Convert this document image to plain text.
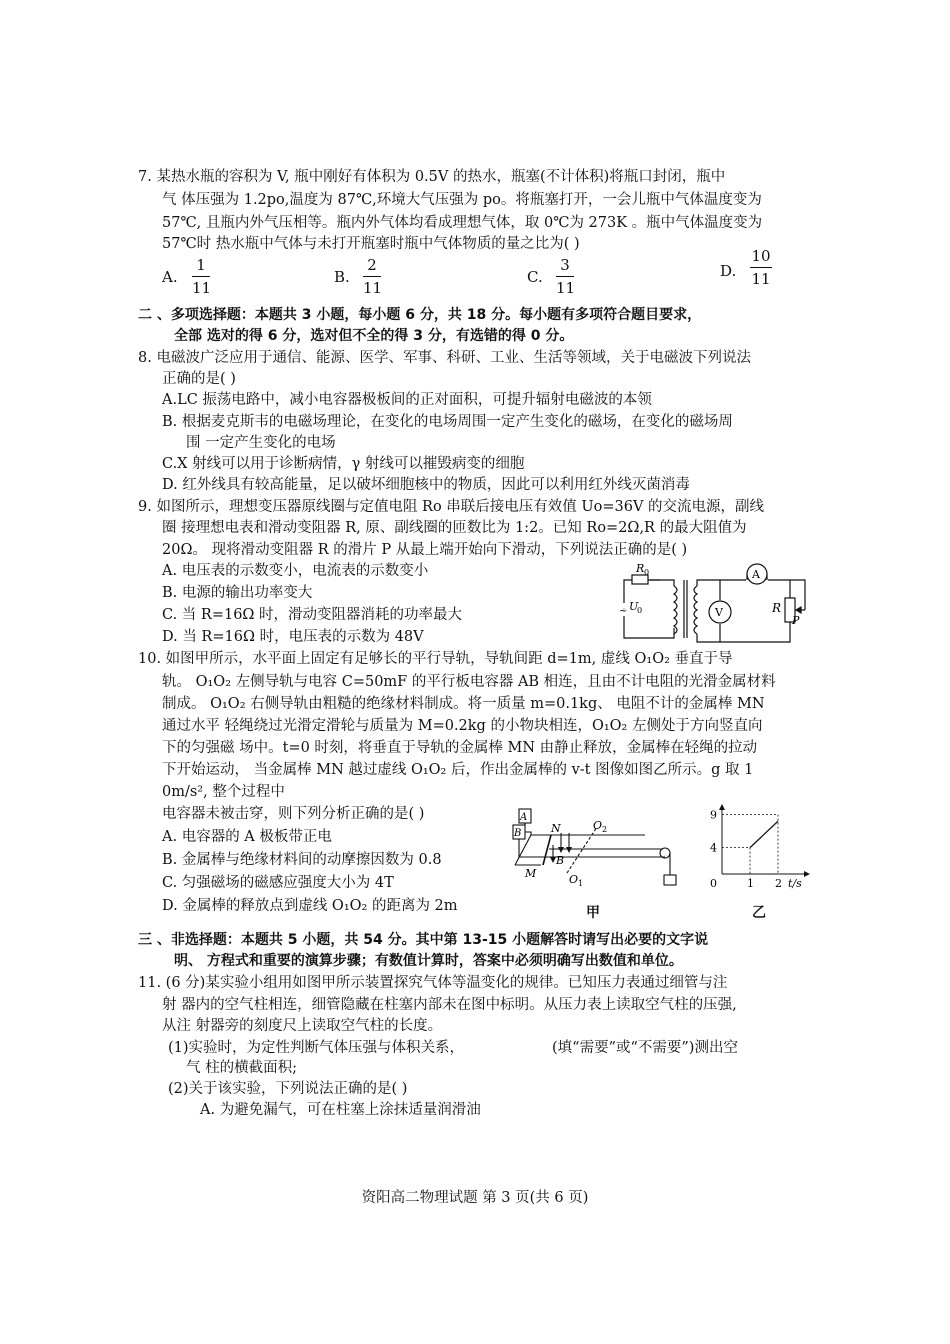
7. 某热水瓶的容积为 V, 瓶中刚好有体积为 0.5V 的热水，瓶塞(不计体积)将瓶口封闭，瓶中
气 体压强为 1.2po,温度为 87℃,环境大气压强为 po。将瓶塞打开，一会儿瓶中气体温度变为
57℃, 且瓶内外气压相等。瓶内外气体均看成理想气体，取 0℃为 273K 。瓶中气体温度变为
57℃时 热水瓶中气体与未打开瓶塞时瓶中气体物质的量之比为( )
A.
1
11
B.
2
11
C.
3
11
D.
10
11
二 、多项选择题：本题共 3 小题，每小题 6 分，共 18 分。每小题有多项符合题目要求，
全部 选对的得 6 分，选对但不全的得 3 分，有选错的得 0 分。
8. 电磁波广泛应用于通信、能源、医学、军事、科研、工业、生活等领域，关于电磁波下列说法
正确的是( )
A.LC 振荡电路中，减小电容器极板间的正对面积，可提升辐射电磁波的本领
B. 根据麦克斯韦的电磁场理论，在变化的电场周围一定产生变化的磁场，在变化的磁场周
围 一定产生变化的电场
C.X 射线可以用于诊断病情，γ 射线可以摧毁病变的细胞
D. 红外线具有较高能量，足以破坏细胞核中的物质，因此可以利用红外线灭菌消毒
9. 如图所示，理想变压器原线圈与定值电阻 Ro 串联后接电压有效值 Uo=36V 的交流电源，副线
圈 接理想电表和滑动变阻器 R, 原、副线圈的匝数比为 1:2。已知 Ro=2Ω,R 的最大阻值为
20Ω。 现将滑动变阻器 R 的滑片 P 从最上端开始向下滑动，下列说法正确的是( )
A. 电压表的示数变小，电流表的示数变小
B. 电源的输出功率变大
C. 当 R=16Ω 时，滑动变阻器消耗的功率最大
D. 当 R=16Ω 时，电压表的示数为 48V
R 0
U
0
~
A
V	R
P
10. 如图甲所示，水平面上固定有足够长的平行导轨，导轨间距 d=1m, 虚线 O₁O₂ 垂直于导
轨。 O₁O₂ 左侧导轨与电容 C=50mF 的平行板电容器 AB 相连，且由不计电阻的光滑金属材料
制成。 O₁O₂ 右侧导轨由粗糙的绝缘材料制成。将一质量 m=0.1kg、 电阻不计的金属棒 MN
通过水平 轻绳绕过光滑定滑轮与质量为 M=0.2kg 的小物块相连，O₁O₂ 左侧处于方向竖直向
下的匀强磁 场中。t=0 时刻，将垂直于导轨的金属棒 MN 由静止释放，金属棒在轻绳的拉动
下开始运动， 当金属棒 MN 越过虚线 O₁O₂ 后，作出金属棒的 v-t 图像如图乙所示。g 取 1
0m/s², 整个过程中
电容器未被击穿，则下列分析正确的是( )
A. 电容器的 A 极板带正电
B. 金属棒与绝缘材料间的动摩擦因数为 0.8
C. 匀强磁场的磁感应强度大小为 4T
D. 金属棒的释放点到虚线 O₁O₂ 的距离为 2m
A
B	N	O 2
B
M	O 1
甲
0	1 2
4
9
t/s
乙
三 、非选择题：本题共 5 小题，共 54 分。其中第 13-15 小题解答时请写出必要的文字说
明、 方程式和重要的演算步骤；有数值计算时，答案中必须明确写出数值和单位。
11. (6 分)某实验小组用如图甲所示装置探究气体等温变化的规律。已知压力表通过细管与注
射 器内的空气柱相连，细管隐藏在柱塞内部未在图中标明。从压力表上读取空气柱的压强,
从注 射器旁的刻度尺上读取空气柱的长度。
(1)实验时，为定性判断气体压强与体积关系，	(填“需要”或“不需要”)测出空
气 柱的横截面积;
(2)关于该实验，下列说法正确的是( )
A. 为避免漏气，可在柱塞上涂抹适量润滑油
资阳高二物理试题 第 3 页(共 6 页)
